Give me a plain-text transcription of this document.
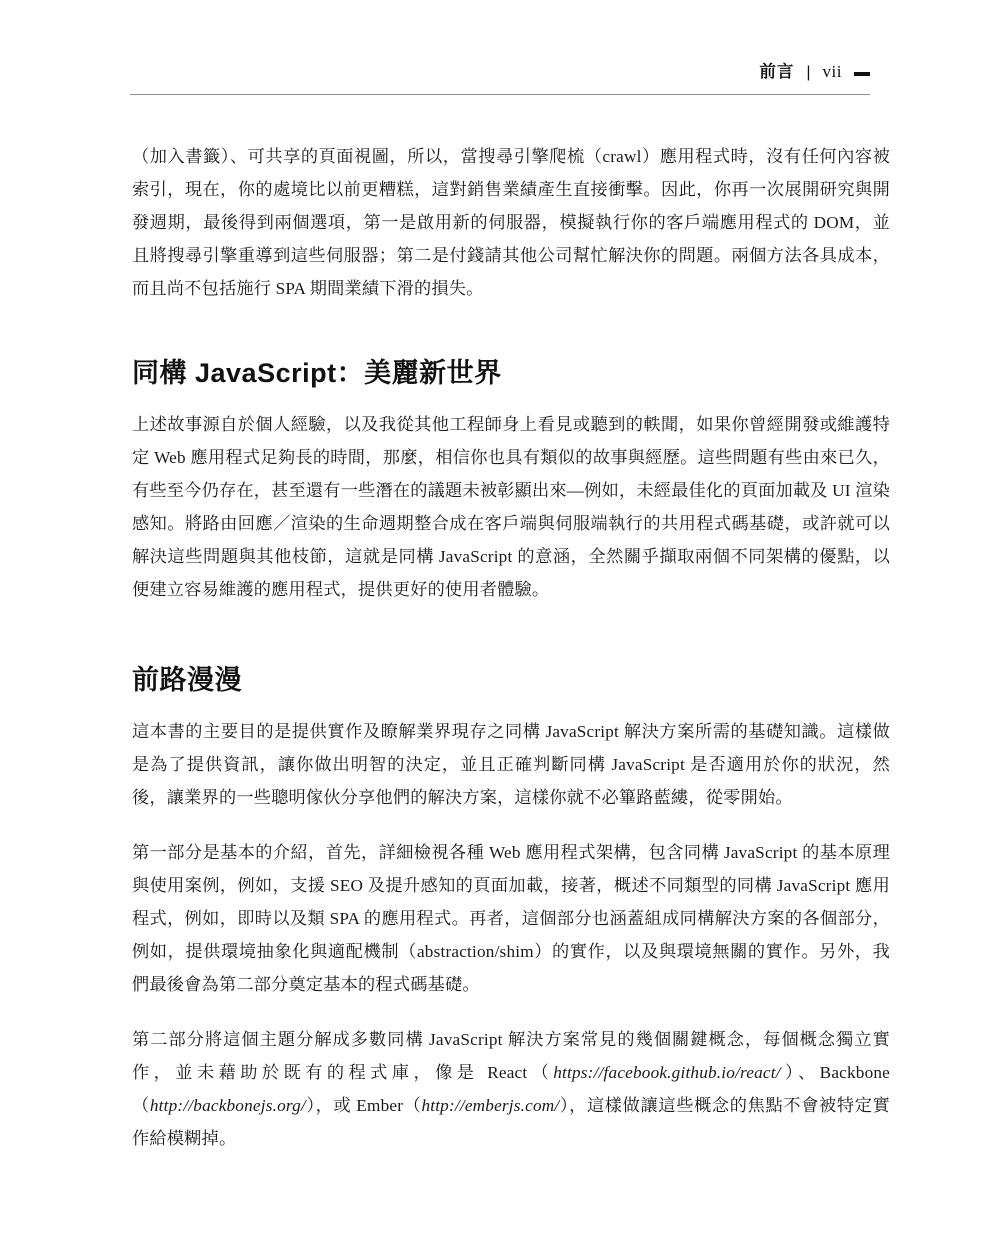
前言 | vii

（加入書籤）、可共享的頁面視圖，所以，當搜尋引擎爬梳（crawl）應用程式時，沒有任何內容被索引，現在，你的處境比以前更糟糕，這對銷售業績產生直接衝擊。因此，你再一次展開研究與開發週期，最後得到兩個選項，第一是啟用新的伺服器，模擬執行你的客戶端應用程式的 DOM，並且將搜尋引擎重導到這些伺服器；第二是付錢請其他公司幫忙解決你的問題。兩個方法各具成本，而且尚不包括施行 SPA 期間業績下滑的損失。

同構 JavaScript：美麗新世界

上述故事源自於個人經驗，以及我從其他工程師身上看見或聽到的軼聞，如果你曾經開發或維護特定 Web 應用程式足夠長的時間，那麼，相信你也具有類似的故事與經歷。這些問題有些由來已久，有些至今仍存在，甚至還有一些潛在的議題未被彰顯出來—例如，未經最佳化的頁面加載及 UI 渲染感知。將路由回應／渲染的生命週期整合成在客戶端與伺服端執行的共用程式碼基礎，或許就可以解決這些問題與其他枝節，這就是同構 JavaScript 的意涵，全然關乎擷取兩個不同架構的優點，以便建立容易維護的應用程式，提供更好的使用者體驗。

前路漫漫

這本書的主要目的是提供實作及瞭解業界現存之同構 JavaScript 解決方案所需的基礎知識。這樣做是為了提供資訊，讓你做出明智的決定，並且正確判斷同構 JavaScript 是否適用於你的狀況，然後，讓業界的一些聰明傢伙分享他們的解決方案，這樣你就不必篳路藍縷，從零開始。

第一部分是基本的介紹，首先，詳細檢視各種 Web 應用程式架構，包含同構 JavaScript 的基本原理與使用案例，例如，支援 SEO 及提升感知的頁面加載，接著，概述不同類型的同構 JavaScript 應用程式，例如，即時以及類 SPA 的應用程式。再者，這個部分也涵蓋組成同構解決方案的各個部分，例如，提供環境抽象化與適配機制（abstraction/shim）的實作，以及與環境無關的實作。另外，我們最後會為第二部分奠定基本的程式碼基礎。

第二部分將這個主題分解成多數同構 JavaScript 解決方案常見的幾個關鍵概念，每個概念獨立實作，並未藉助於既有的程式庫，像是 React（https://facebook.github.io/react/）、Backbone（http://backbonejs.org/），或 Ember（http://emberjs.com/），這樣做讓這些概念的焦點不會被特定實作給模糊掉。
